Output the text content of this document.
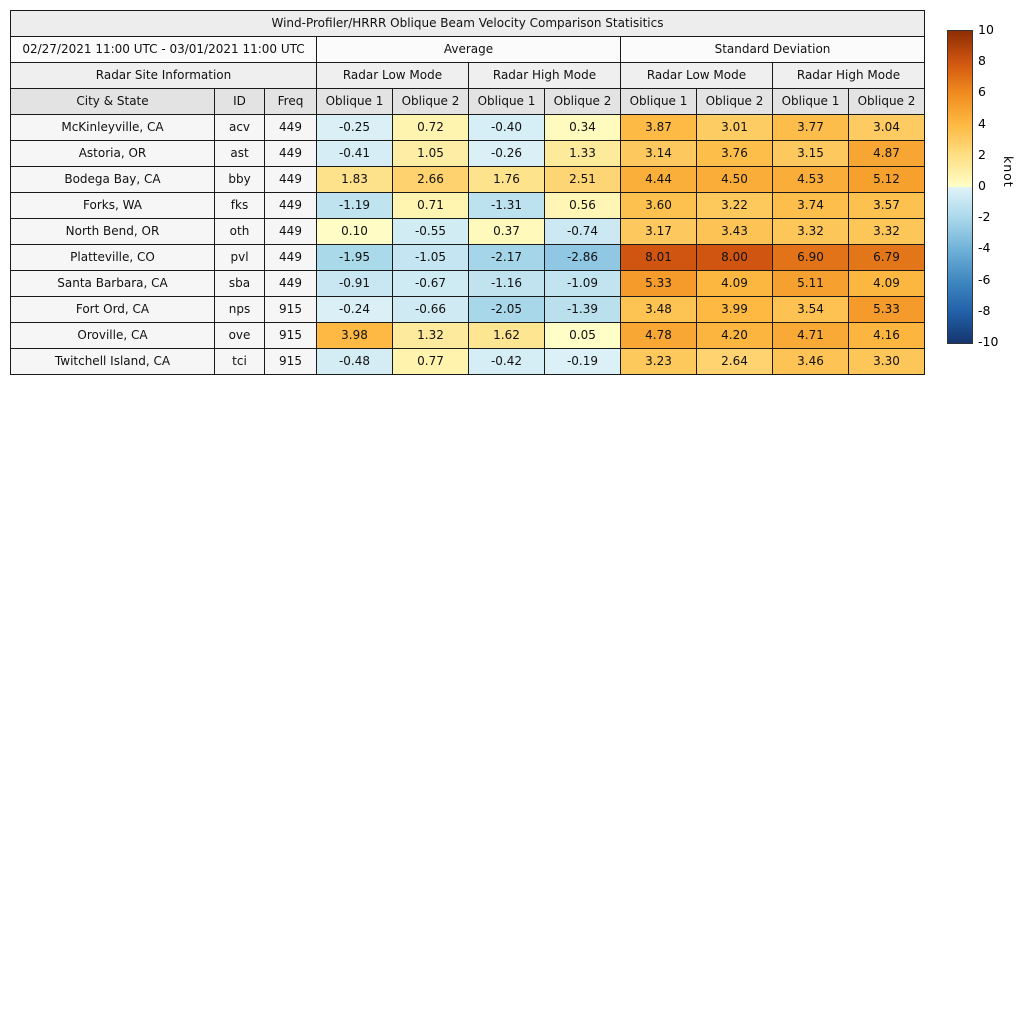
Wind-Profiler/HRRR Oblique Beam Velocity Comparison Statisitics										
02/27/2021 11:00 UTC - 03/01/2021 11:00 UTC			Average				Standard Deviation			
Radar Site Information			Radar Low Mode		Radar High Mode		Radar Low Mode		Radar High Mode	
City & State	ID	Freq	Oblique 1	Oblique 2	Oblique 1	Oblique 2	Oblique 1	Oblique 2	Oblique 1	Oblique 2
McKinleyville, CA	acv	449	-0.25	0.72	-0.40	0.34	3.87	3.01	3.77	3.04
Astoria, OR	ast	449	-0.41	1.05	-0.26	1.33	3.14	3.76	3.15	4.87
Bodega Bay, CA	bby	449	1.83	2.66	1.76	2.51	4.44	4.50	4.53	5.12
Forks, WA	fks	449	-1.19	0.71	-1.31	0.56	3.60	3.22	3.74	3.57
North Bend, OR	oth	449	0.10	-0.55	0.37	-0.74	3.17	3.43	3.32	3.32
Platteville, CO	pvl	449	-1.95	-1.05	-2.17	-2.86	8.01	8.00	6.90	6.79
Santa Barbara, CA	sba	449	-0.91	-0.67	-1.16	-1.09	5.33	4.09	5.11	4.09
Fort Ord, CA	nps	915	-0.24	-0.66	-2.05	-1.39	3.48	3.99	3.54	5.33
Oroville, CA	ove	915	3.98	1.32	1.62	0.05	4.78	4.20	4.71	4.16
Twitchell Island, CA	tci	915	-0.48	0.77	-0.42	-0.19	3.23	2.64	3.46	3.30
10
8
6
4
2
0
-2
-4
-6
-8
-10
knot
